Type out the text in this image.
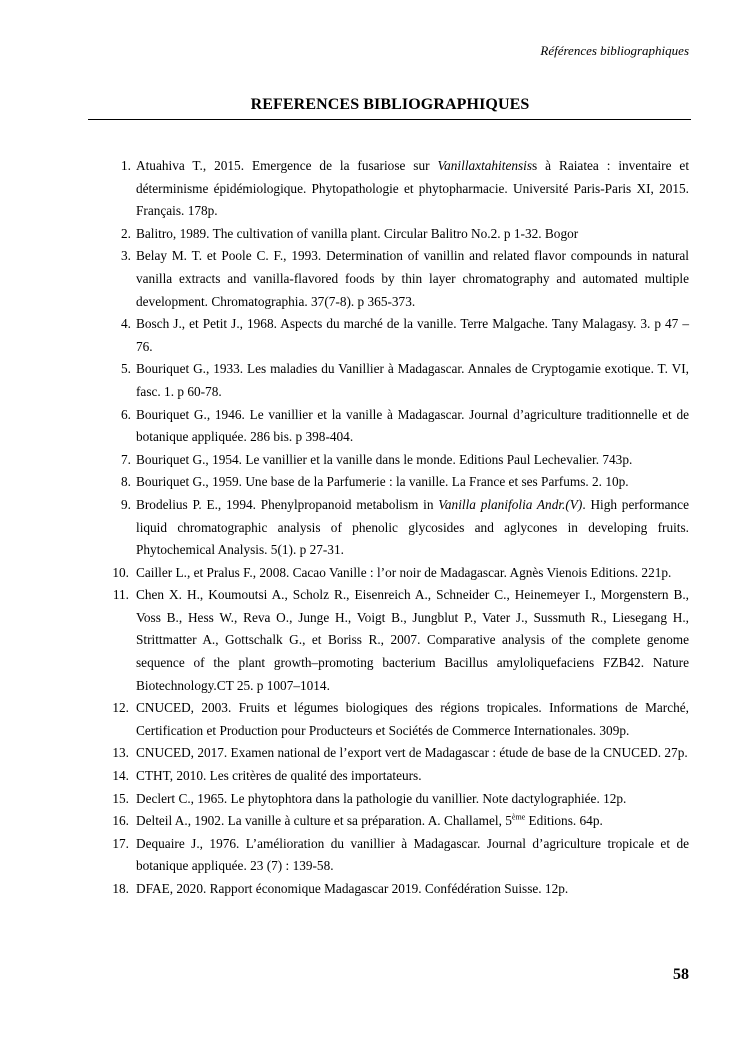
Références bibliographiques
REFERENCES BIBLIOGRAPHIQUES
1. Atuahiva T., 2015. Emergence de la fusariose sur Vanillaxtahitensiss à Raiatea : inventaire et déterminisme épidémiologique. Phytopathologie et phytopharmacie. Université Paris-Paris XI, 2015. Français. 178p.
2. Balitro, 1989. The cultivation of vanilla plant. Circular Balitro No.2. p 1-32. Bogor
3. Belay M. T. et Poole C. F., 1993. Determination of vanillin and related flavor compounds in natural vanilla extracts and vanilla-flavored foods by thin layer chromatography and automated multiple development. Chromatographia. 37(7-8). p 365-373.
4. Bosch J., et Petit J., 1968. Aspects du marché de la vanille. Terre Malgache. Tany Malagasy. 3. p 47 – 76.
5. Bouriquet G., 1933. Les maladies du Vanillier à Madagascar. Annales de Cryptogamie exotique. T. VI, fasc. 1. p 60-78.
6. Bouriquet G., 1946. Le vanillier et la vanille à Madagascar. Journal d’agriculture traditionnelle et de botanique appliquée. 286 bis. p 398-404.
7. Bouriquet G., 1954. Le vanillier et la vanille dans le monde. Editions Paul Lechevalier. 743p.
8. Bouriquet G., 1959. Une base de la Parfumerie : la vanille. La France et ses Parfums. 2. 10p.
9. Brodelius P. E., 1994. Phenylpropanoid metabolism in Vanilla planifolia Andr.(V). High performance liquid chromatographic analysis of phenolic glycosides and aglycones in developing fruits. Phytochemical Analysis. 5(1). p 27-31.
10. Cailler L., et Pralus F., 2008. Cacao Vanille : l’or noir de Madagascar. Agnès Vienois Editions. 221p.
11. Chen X. H., Koumoutsi A., Scholz R., Eisenreich A., Schneider C., Heinemeyer I., Morgenstern B., Voss B., Hess W., Reva O., Junge H., Voigt B., Jungblut P., Vater J., Sussmuth R., Liesegang H., Strittmatter A., Gottschalk G., et Boriss R., 2007. Comparative analysis of the complete genome sequence of the plant growth–promoting bacterium Bacillus amyloliquefaciens FZB42. Nature Biotechnology.CT 25. p 1007–1014.
12. CNUCED, 2003. Fruits et légumes biologiques des régions tropicales. Informations de Marché, Certification et Production pour Producteurs et Sociétés de Commerce Internationales. 309p.
13. CNUCED, 2017. Examen national de l’export vert de Madagascar : étude de base de la CNUCED. 27p.
14. CTHT, 2010. Les critères de qualité des importateurs.
15. Declert C., 1965. Le phytophtora dans la pathologie du vanillier. Note dactylographiée. 12p.
16. Delteil A., 1902. La vanille à culture et sa préparation. A. Challamel, 5ème Editions. 64p.
17. Dequaire J., 1976. L’amélioration du vanillier à Madagascar. Journal d’agriculture tropicale et de botanique appliquée. 23 (7) : 139-58.
18. DFAE, 2020. Rapport économique Madagascar 2019. Confédération Suisse. 12p.
58
